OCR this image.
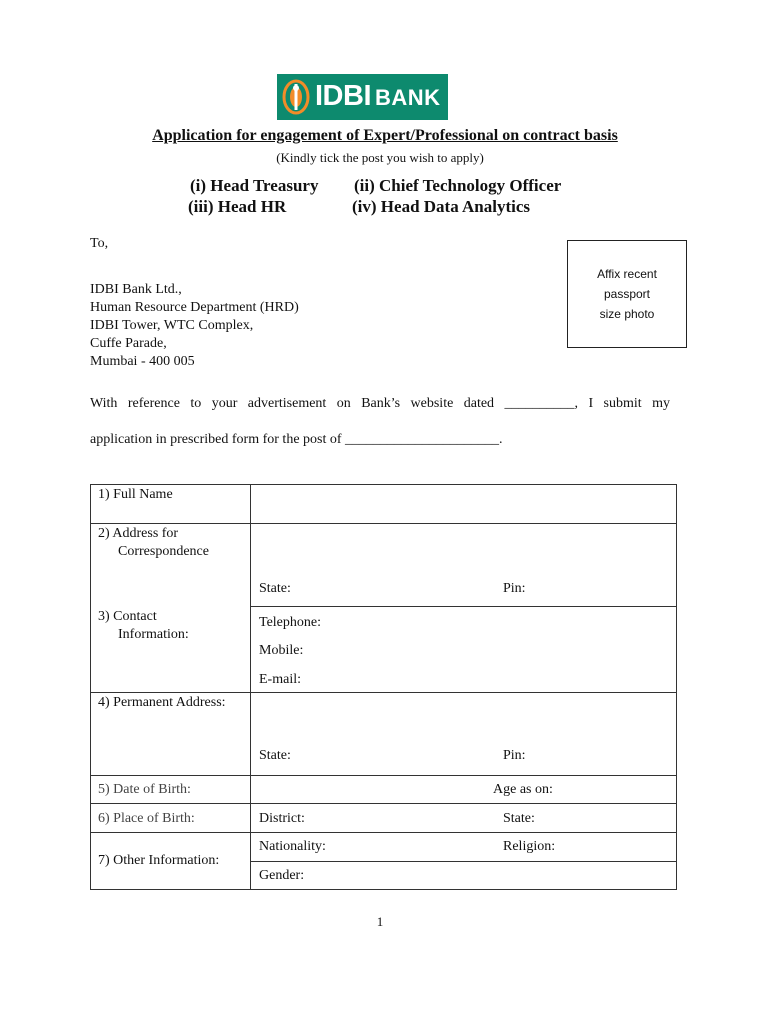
IDBI BANK
Application for engagement of Expert/Professional on contract basis
(Kindly tick the post you wish to apply)
(i) Head Treasury (ii) Chief Technology Officer
(iii) Head HR	(iv) Head Data Analytics
To,
IDBI Bank Ltd.,
Human Resource Department (HRD)
IDBI Tower, WTC Complex,
Cuffe Parade,
Mumbai - 400 005
Affix recent
passport
size photo
With reference to your advertisement on Bank’s website dated __________, I submit my
application in prescribed form for the post of ______________________.
1) Full Name
2) Address for
Correspondence
State:	Pin:
3) Contact
Information:
Telephone:
Mobile:
E-mail:
4) Permanent Address:
State:	Pin:
5) Date of Birth:	Age as on:
6) Place of Birth:	District:	State:
7) Other Information:
Nationality:	Religion:
Gender:
1
